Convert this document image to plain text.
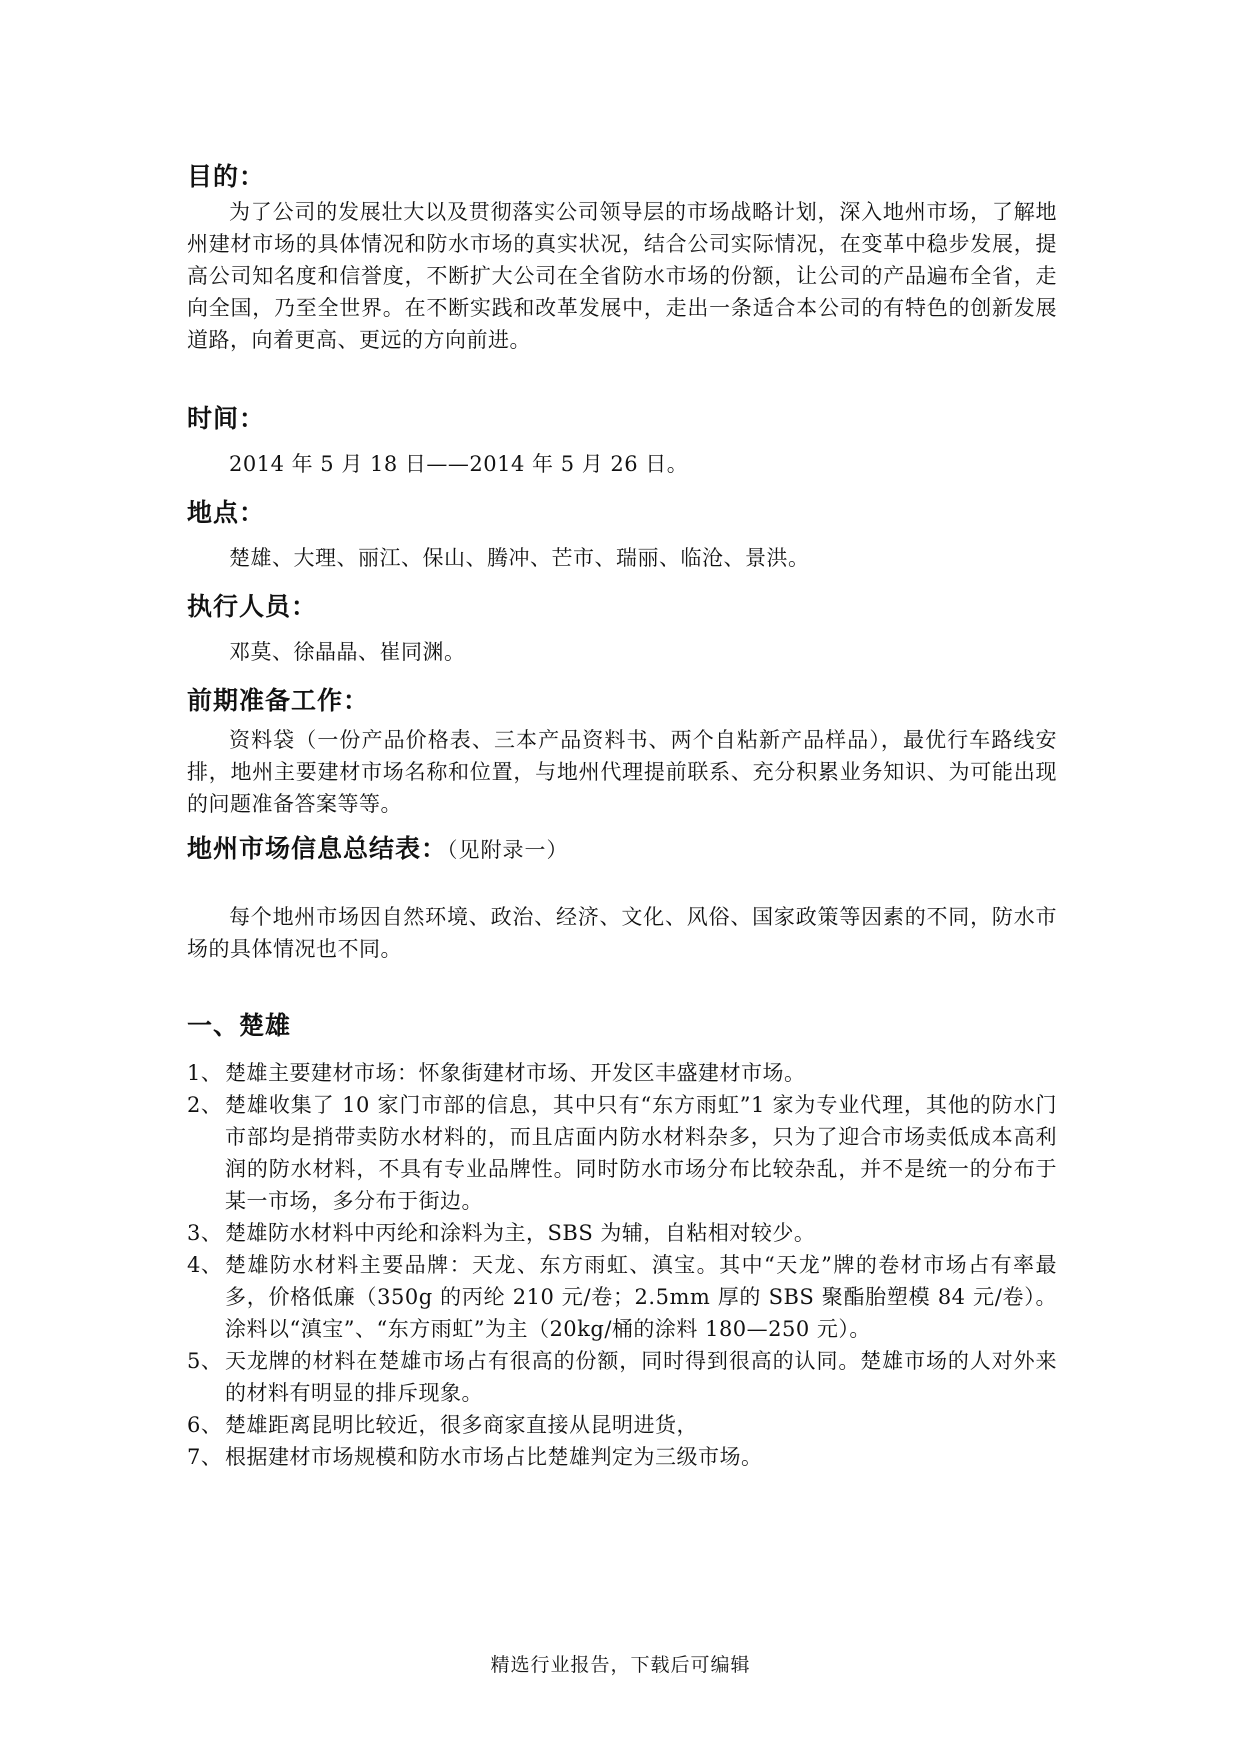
目的：

为了公司的发展壮大以及贯彻落实公司领导层的市场战略计划，深入地州市场，了解地州建材市场的具体情况和防水市场的真实状况，结合公司实际情况，在变革中稳步发展，提高公司知名度和信誉度，不断扩大公司在全省防水市场的份额，让公司的产品遍布全省，走向全国，乃至全世界。在不断实践和改革发展中，走出一条适合本公司的有特色的创新发展道路，向着更高、更远的方向前进。

时间：

2014 年 5 月 18 日——2014 年 5 月 26 日。

地点：

楚雄、大理、丽江、保山、腾冲、芒市、瑞丽、临沧、景洪。

执行人员：

邓莫、徐晶晶、崔同渊。

前期准备工作：

资料袋（一份产品价格表、三本产品资料书、两个自粘新产品样品），最优行车路线安排，地州主要建材市场名称和位置，与地州代理提前联系、充分积累业务知识、为可能出现的问题准备答案等等。

地州市场信息总结表：（见附录一）

每个地州市场因自然环境、政治、经济、文化、风俗、国家政策等因素的不同，防水市场的具体情况也不同。

一、楚雄
1、 楚雄主要建材市场：怀象街建材市场、开发区丰盛建材市场。
2、 楚雄收集了 10 家门市部的信息，其中只有“东方雨虹”1 家为专业代理，其他的防水门市部均是捎带卖防水材料的，而且店面内防水材料杂多，只为了迎合市场卖低成本高利润的防水材料，不具有专业品牌性。同时防水市场分布比较杂乱，并不是统一的分布于某一市场，多分布于街边。
3、 楚雄防水材料中丙纶和涂料为主，SBS 为辅，自粘相对较少。
4、 楚雄防水材料主要品牌：天龙、东方雨虹、滇宝。其中“天龙”牌的卷材市场占有率最多，价格低廉（350g 的丙纶 210 元/卷；2.5mm 厚的 SBS 聚酯胎塑模 84 元/卷）。涂料以“滇宝”、“东方雨虹”为主（20kg/桶的涂料 180—250 元）。
5、 天龙牌的材料在楚雄市场占有很高的份额，同时得到很高的认同。楚雄市场的人对外来的材料有明显的排斥现象。
6、 楚雄距离昆明比较近，很多商家直接从昆明进货，
7、 根据建材市场规模和防水市场占比楚雄判定为三级市场。
精选行业报告，下载后可编辑
